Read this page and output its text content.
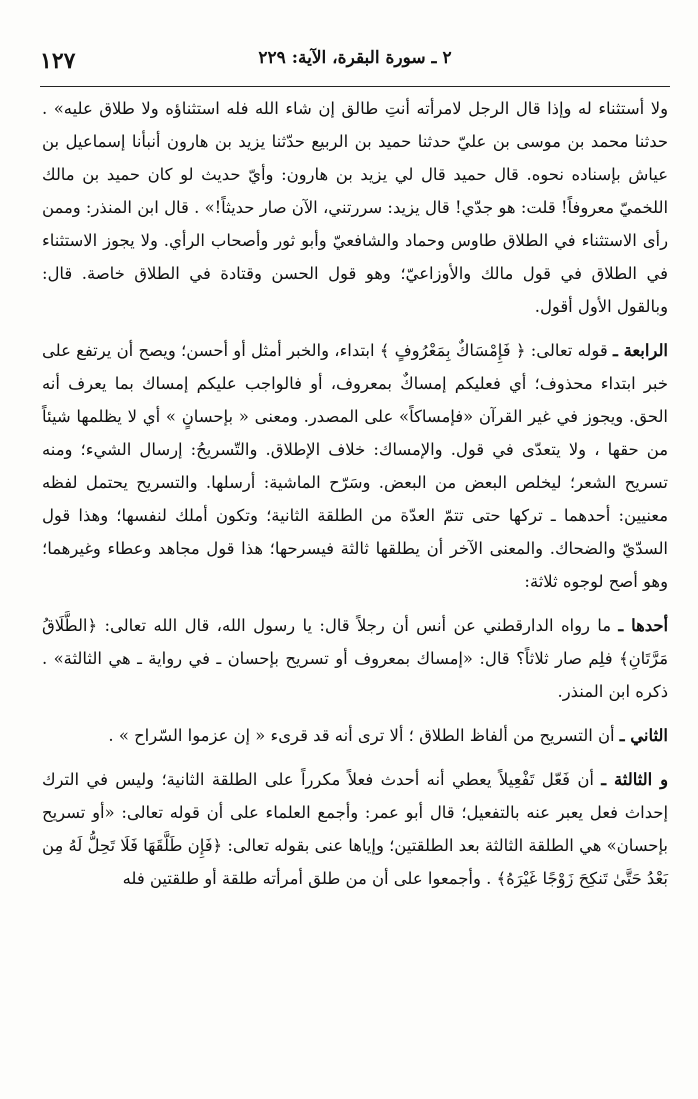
١٢٧	٢ ـ سورة البقرة، الآية: ٢٢٩

ولا أستثناء له وإذا قال الرجل لامرأته أنتِ طالق إن شاء الله فله استثناؤه ولا طلاق عليه» . حدثنا محمد بن موسى بن عليّ حدثنا حميد بن الربيع حدّثنا يزيد بن هارون أنبأنا إسماعيل بن عياش بإسناده نحوه. قال حميد قال لي يزيد بن هارون: وأيّ حديث لو كان حميد بن مالك اللخميّ معروفاً! قلت: هو جدّي! قال يزيد: سررتني، الآن صار حديثاً!» . قال ابن المنذر: وممن رأى الاستثناء في الطلاق طاوس وحماد والشافعيّ وأبو ثور وأصحاب الرأي. ولا يجوز الاستثناء في الطلاق في قول مالك والأوزاعيّ؛ وهو قول الحسن وقتادة في الطلاق خاصة. قال: وبالقول الأول أقول.

الرابعة ـ قوله تعالى: ﴿ فَإِمْسَاكٌ بِمَعْرُوفٍ ﴾ ابتداء، والخبر أمثل أو أحسن؛ ويصح أن يرتفع على خبر ابتداء محذوف؛ أي فعليكم إمساكٌ بمعروف، أو فالواجب عليكم إمساك بما يعرف أنه الحق. ويجوز في غير القرآن «فإمساكاً» على المصدر. ومعنى « بإحسانٍ » أي لا يظلمها شيئاً من حقها ، ولا يتعدّى في قول. والإمساك: خلاف الإطلاق. والتّسريحُ: إرسال الشيء؛ ومنه تسريح الشعر؛ ليخلص البعض من البعض. وسَرّح الماشية: أرسلها. والتسريح يحتمل لفظه معنيين: أحدهما ـ تركها حتى تتمّ العدّة من الطلقة الثانية؛ وتكون أملك لنفسها؛ وهذا قول السدّيّ والضحاك. والمعنى الآخر أن يطلقها ثالثة فيسرحها؛ هذا قول مجاهد وعطاء وغيرهما؛ وهو أصح لوجوه ثلاثة:

أحدها ـ ما رواه الدارقطني عن أنس أن رجلاً قال: يا رسول الله، قال الله تعالى: ﴿الطَّلَاقُ مَرَّتَانِ﴾ فلِم صار ثلاثاً؟ قال: «إمساك بمعروف أو تسريح بإحسان ـ في رواية ـ هي الثالثة» . ذكره ابن المنذر.

الثاني ـ أن التسريح من ألفاظ الطلاق ؛ ألا ترى أنه قد قرىء « إن عزموا السّراح » .

و الثالثة ـ أن فَعّل تَفْعِيلاً يعطي أنه أحدث فعلاً مكرراً على الطلقة الثانية؛ وليس في الترك إحداث فعل يعبر عنه بالتفعيل؛ قال أبو عمر: وأجمع العلماء على أن قوله تعالى: «أو تسريح بإحسان» هي الطلقة الثالثة بعد الطلقتين؛ وإياها عنى بقوله تعالى: ﴿فَإِن طَلَّقَهَا فَلَا تَحِلُّ لَهُ مِن بَعْدُ حَتَّىٰ تَنكِحَ زَوْجًا غَيْرَهُ﴾ . وأجمعوا على أن من طلق أمرأته طلقة أو طلقتين فله
